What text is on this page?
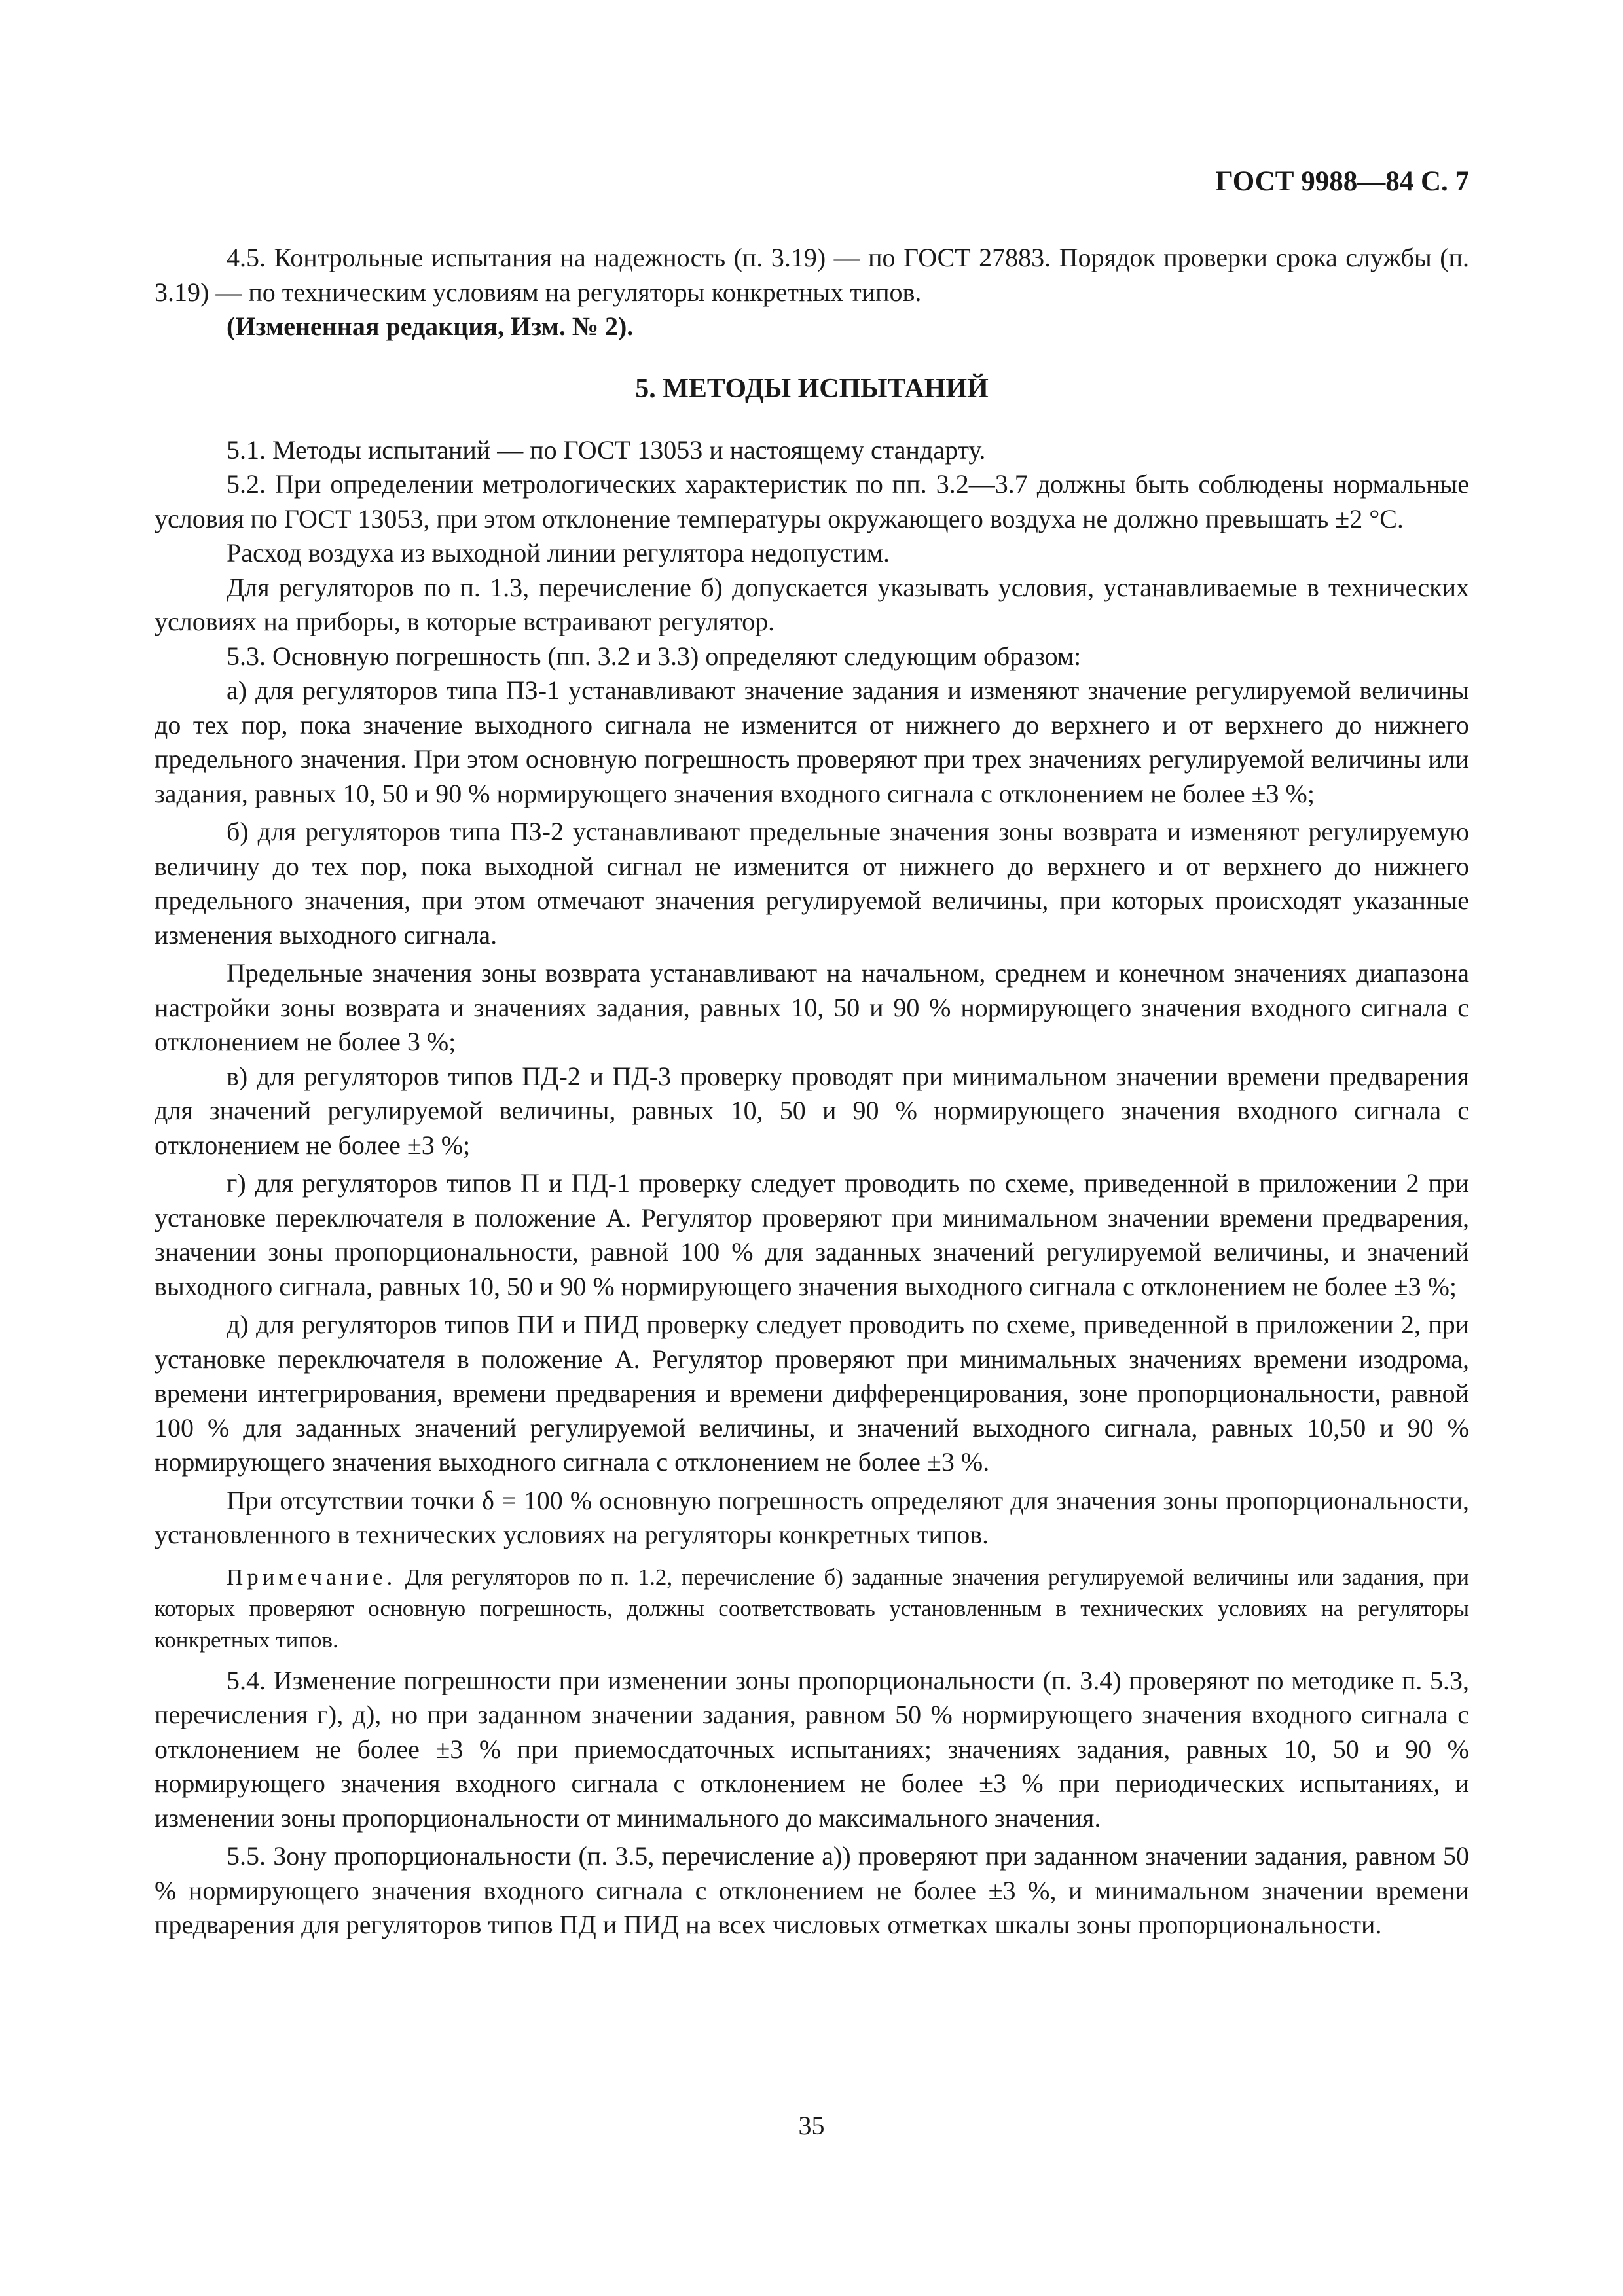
ГОСТ 9988—84 С. 7

4.5. Контрольные испытания на надежность (п. 3.19) — по ГОСТ 27883. Порядок проверки срока службы (п. 3.19) — по техническим условиям на регуляторы конкретных типов.

(Измененная редакция, Изм. № 2).

5. МЕТОДЫ ИСПЫТАНИЙ

5.1. Методы испытаний — по ГОСТ 13053 и настоящему стандарту.

5.2. При определении метрологических характеристик по пп. 3.2—3.7 должны быть соблюдены нормальные условия по ГОСТ 13053, при этом отклонение температуры окружающего воздуха не должно превышать ±2 °С.

Расход воздуха из выходной линии регулятора недопустим.

Для регуляторов по п. 1.3, перечисление б) допускается указывать условия, устанавливаемые в технических условиях на приборы, в которые встраивают регулятор.

5.3. Основную погрешность (пп. 3.2 и 3.3) определяют следующим образом:

а) для регуляторов типа ПЗ-1 устанавливают значение задания и изменяют значение регулируемой величины до тех пор, пока значение выходного сигнала не изменится от нижнего до верхнего и от верхнего до нижнего предельного значения. При этом основную погрешность проверяют при трех значениях регулируемой величины или задания, равных 10, 50 и 90 % нормирующего значения входного сигнала с отклонением не более ±3 %;

б) для регуляторов типа ПЗ-2 устанавливают предельные значения зоны возврата и изменяют регулируемую величину до тех пор, пока выходной сигнал не изменится от нижнего до верхнего и от верхнего до нижнего предельного значения, при этом отмечают значения регулируемой величины, при которых происходят указанные изменения выходного сигнала.

Предельные значения зоны возврата устанавливают на начальном, среднем и конечном значениях диапазона настройки зоны возврата и значениях задания, равных 10, 50 и 90 % нормирующего значения входного сигнала с отклонением не более 3 %;

в) для регуляторов типов ПД-2 и ПД-3 проверку проводят при минимальном значении времени предварения для значений регулируемой величины, равных 10, 50 и 90 % нормирующего значения входного сигнала с отклонением не более ±3 %;

г) для регуляторов типов П и ПД-1 проверку следует проводить по схеме, приведенной в приложении 2 при установке переключателя в положение А. Регулятор проверяют при минимальном значении времени предварения, значении зоны пропорциональности, равной 100 % для заданных значений регулируемой величины, и значений выходного сигнала, равных 10, 50 и 90 % нормирующего значения выходного сигнала с отклонением не более ±3 %;

д) для регуляторов типов ПИ и ПИД проверку следует проводить по схеме, приведенной в приложении 2, при установке переключателя в положение А. Регулятор проверяют при минимальных значениях времени изодрома, времени интегрирования, времени предварения и времени дифференцирования, зоне пропорциональности, равной 100 % для заданных значений регулируемой величины, и значений выходного сигнала, равных 10,50 и 90 % нормирующего значения выходного сигнала с отклонением не более ±3 %.

При отсутствии точки δ = 100 % основную погрешность определяют для значения зоны пропорциональности, установленного в технических условиях на регуляторы конкретных типов.

Примечание. Для регуляторов по п. 1.2, перечисление б) заданные значения регулируемой величины или задания, при которых проверяют основную погрешность, должны соответствовать установленным в технических условиях на регуляторы конкретных типов.

5.4. Изменение погрешности при изменении зоны пропорциональности (п. 3.4) проверяют по методике п. 5.3, перечисления г), д), но при заданном значении задания, равном 50 % нормирующего значения входного сигнала с отклонением не более ±3 % при приемосдаточных испытаниях; значениях задания, равных 10, 50 и 90 % нормирующего значения входного сигнала с отклонением не более ±3 % при периодических испытаниях, и изменении зоны пропорциональности от минимального до максимального значения.

5.5. Зону пропорциональности (п. 3.5, перечисление а)) проверяют при заданном значении задания, равном 50 % нормирующего значения входного сигнала с отклонением не более ±3 %, и минимальном значении времени предварения для регуляторов типов ПД и ПИД на всех числовых отметках шкалы зоны пропорциональности.

35
